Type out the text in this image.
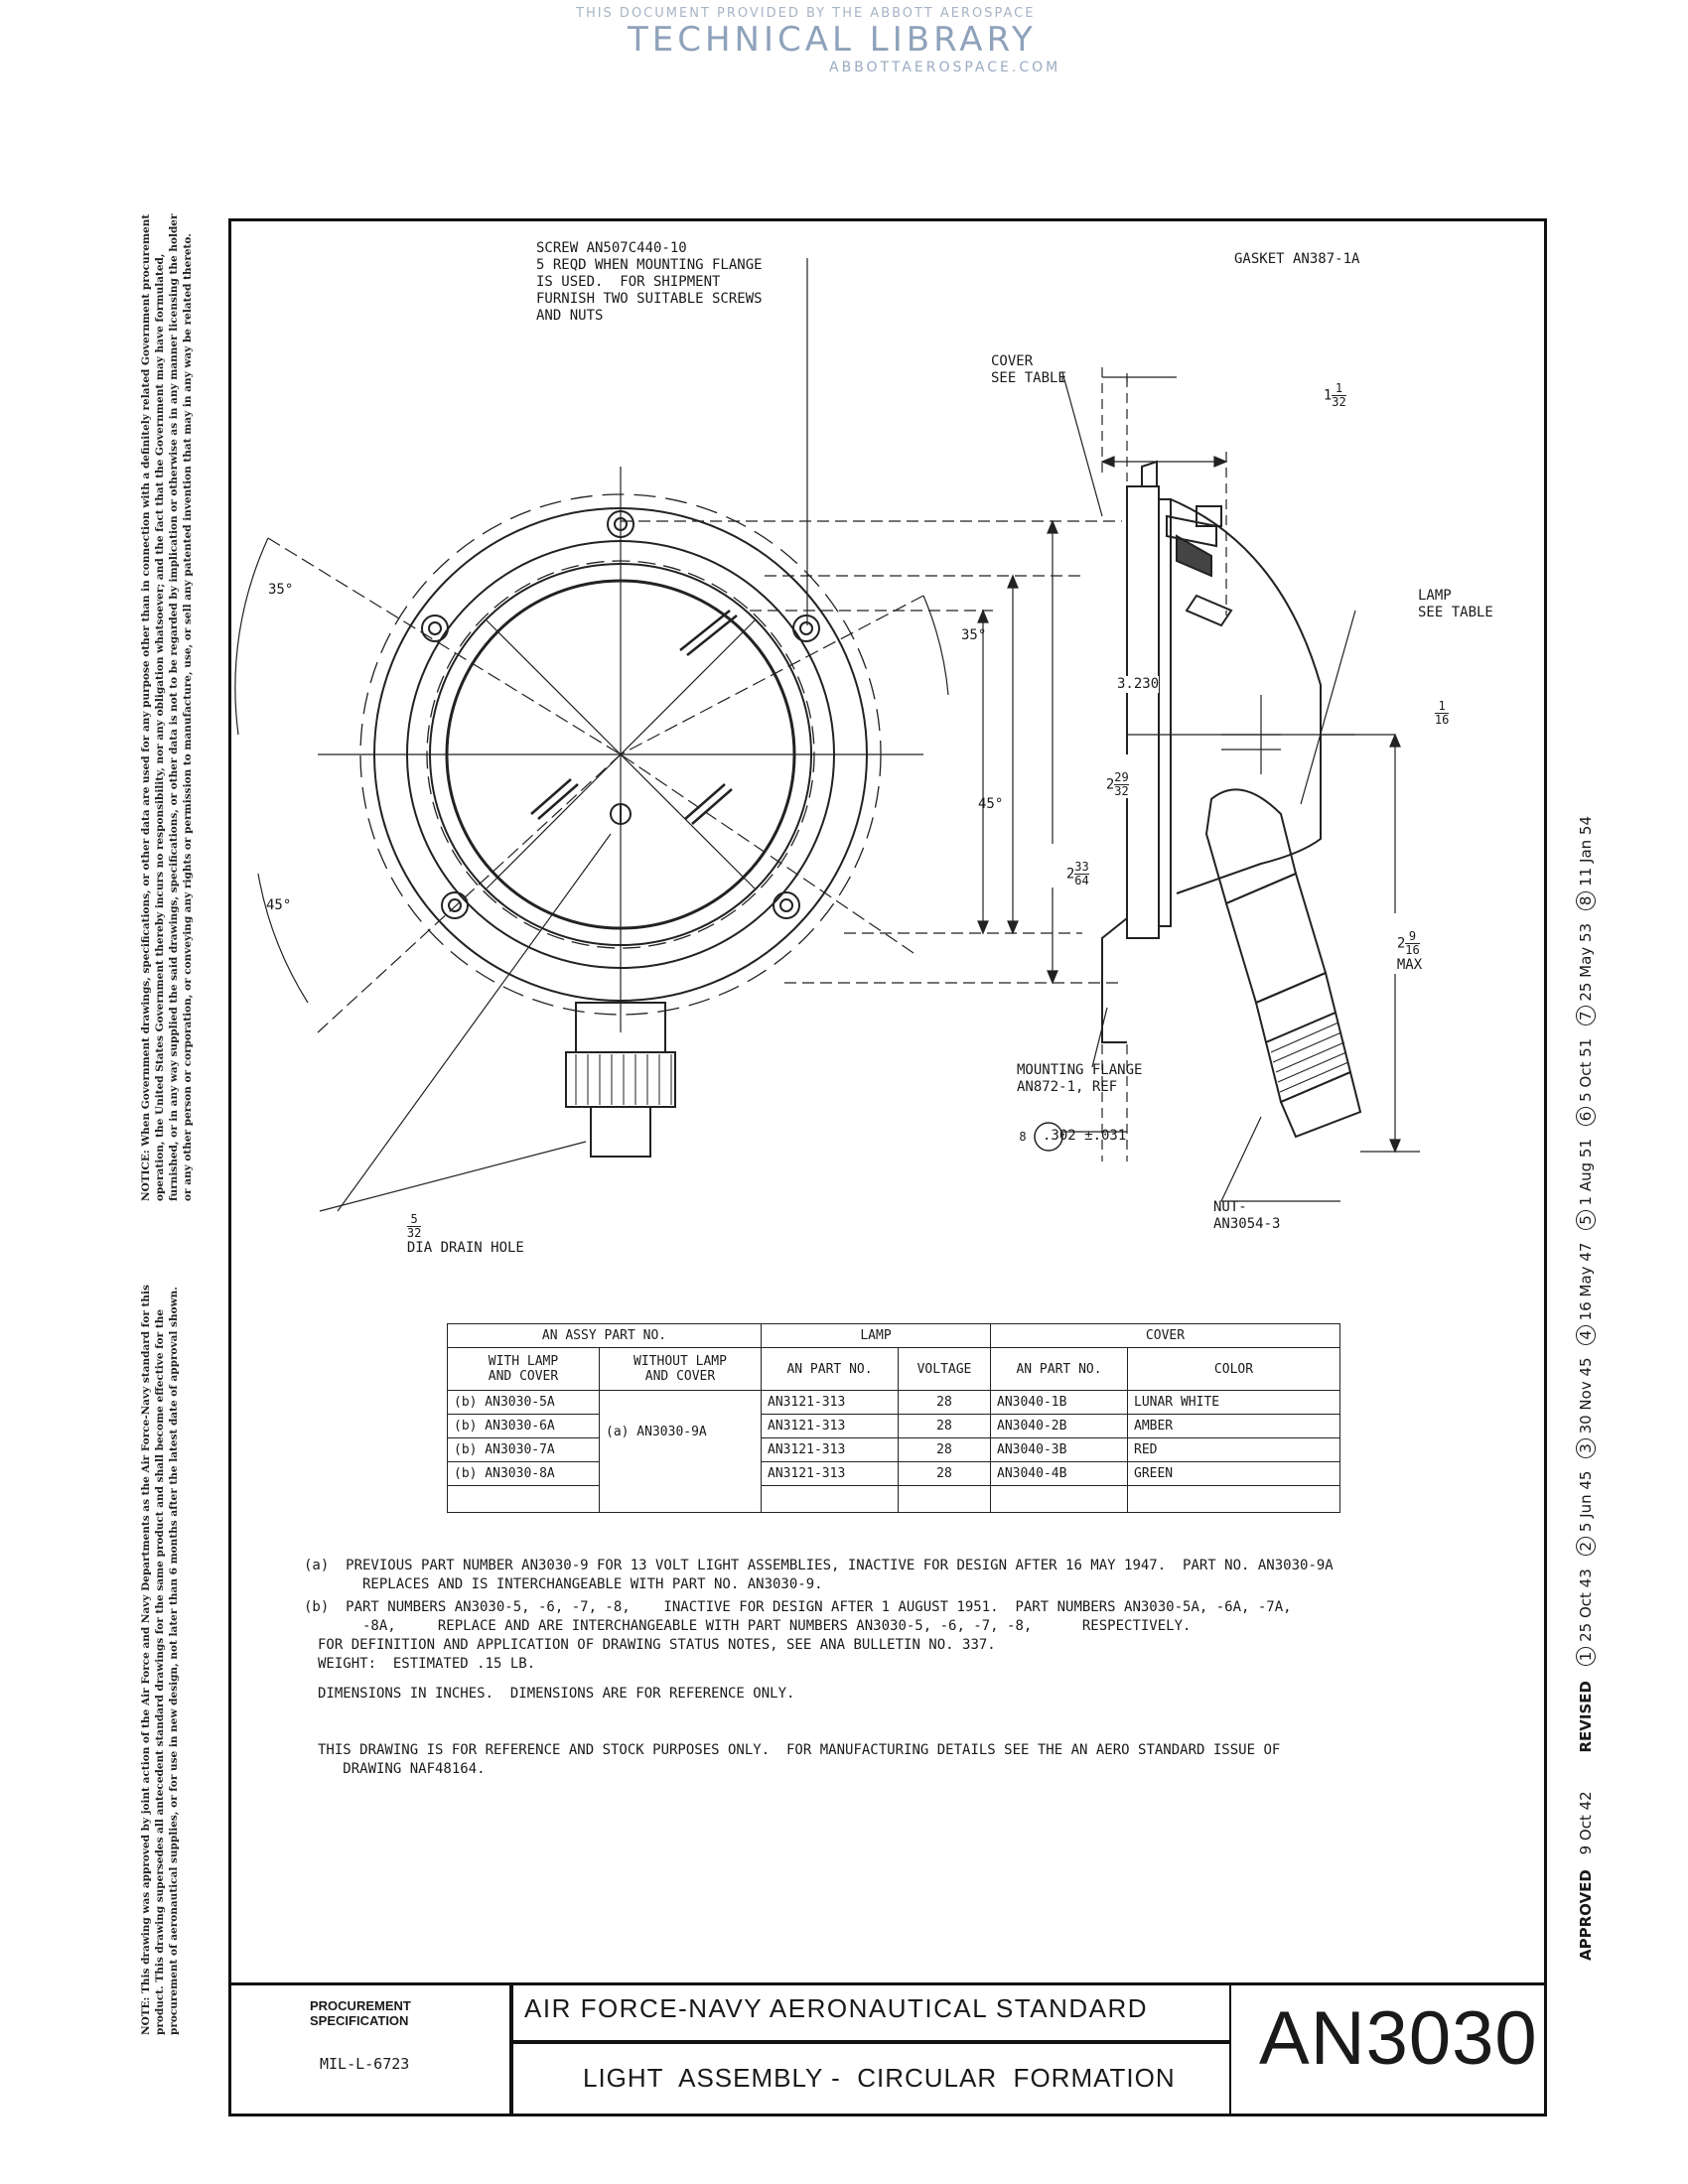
THIS DOCUMENT PROVIDED BY THE ABBOTT AEROSPACE
TECHNICAL LIBRARY
ABBOTTAEROSPACE.COM
NOTICE: When Government drawings, specifications, or other data are used for any purpose other than in connection with a definitely related Government procurement operation, the United States Government thereby incurs no responsibility, nor any obligation whatsoever; and the fact that the Government may have formulated, furnished, or in any way supplied the said drawings, specifications, or other data is not to be regarded by implication or otherwise as in any manner licensing the holder or any other person or corporation, or conveying any rights or permission to manufacture, use, or sell any patented invention that may in any way be related thereto.
NOTE: This drawing was approved by joint action of the Air Force and Navy Departments as the Air Force-Navy standard for this product. This drawing supersedes all antecedent standard drawings for the same product and shall become effective for the procurement of aeronautical supplies, or for use in new design, not later than 6 months after the latest date of approval shown.
SCREW AN507C440-10
5 REQD WHEN MOUNTING FLANGE
IS USED.  FOR SHIPMENT
FURNISH TWO SUITABLE SCREWS
AND NUTS
GASKET AN387-1A
COVER
SEE TABLE
LAMP
SEE TABLE
MOUNTING FLANGE
AN872-1, REF
NUT-
AN3054-3
35°
35°
45°
45°
3.230

$2 \frac{29}{32}$

$2 \frac{33}{64}$

$1 \frac{1}{32}$

$\frac{1}{16}$

$2 \frac{9}{16}$

MAX

.302 ±.031
8

$\frac{5}{32}$

DIA DRAIN HOLE

AN ASSY PART NO.		LAMP		COVER	
WITH LAMP
AND COVER	WITHOUT LAMP
AND COVER	AN PART NO.	VOLTAGE	AN PART NO.	COLOR
(b) AN3030-5A	(a) AN3030-9A	AN3121-313	28	AN3040-1B	LUNAR WHITE
(b) AN3030-6A		AN3121-313	28	AN3040-2B	AMBER
(b) AN3030-7A		AN3121-313	28	AN3040-3B	RED
(b) AN3030-8A		AN3121-313	28	AN3040-4B	GREEN

(a)  PREVIOUS PART NUMBER AN3030-9 FOR 13 VOLT LIGHT ASSEMBLIES, INACTIVE FOR DESIGN AFTER 16 MAY 1947.  PART NO. AN3030-9A
REPLACES AND IS INTERCHANGEABLE WITH PART NO. AN3030-9.
(b)  PART NUMBERS AN3030-5, -6, -7, -8,    INACTIVE FOR DESIGN AFTER 1 AUGUST 1951.  PART NUMBERS AN3030-5A, -6A, -7A,
-8A,     REPLACE AND ARE INTERCHANGEABLE WITH PART NUMBERS AN3030-5, -6, -7, -8,      RESPECTIVELY.
FOR DEFINITION AND APPLICATION OF DRAWING STATUS NOTES, SEE ANA BULLETIN NO. 337.
WEIGHT:  ESTIMATED .15 LB.
DIMENSIONS IN INCHES.  DIMENSIONS ARE FOR REFERENCE ONLY.
THIS DRAWING IS FOR REFERENCE AND STOCK PURPOSES ONLY.  FOR MANUFACTURING DETAILS SEE THE AN AERO STANDARD ISSUE OF
DRAWING NAF48164.
APPROVED 9 Oct 42 REVISED 1 25 Oct 43 2 5 Jun 45 3 30 Nov 45 4 16 May 47 5 1 Aug 51 6 5 Oct 51 7 25 May 53 8 11 Jan 54
PROCUREMENT
SPECIFICATION
MIL-L-6723
AIR FORCE-NAVY AERONAUTICAL STANDARD
LIGHT  ASSEMBLY -  CIRCULAR  FORMATION AN3030
